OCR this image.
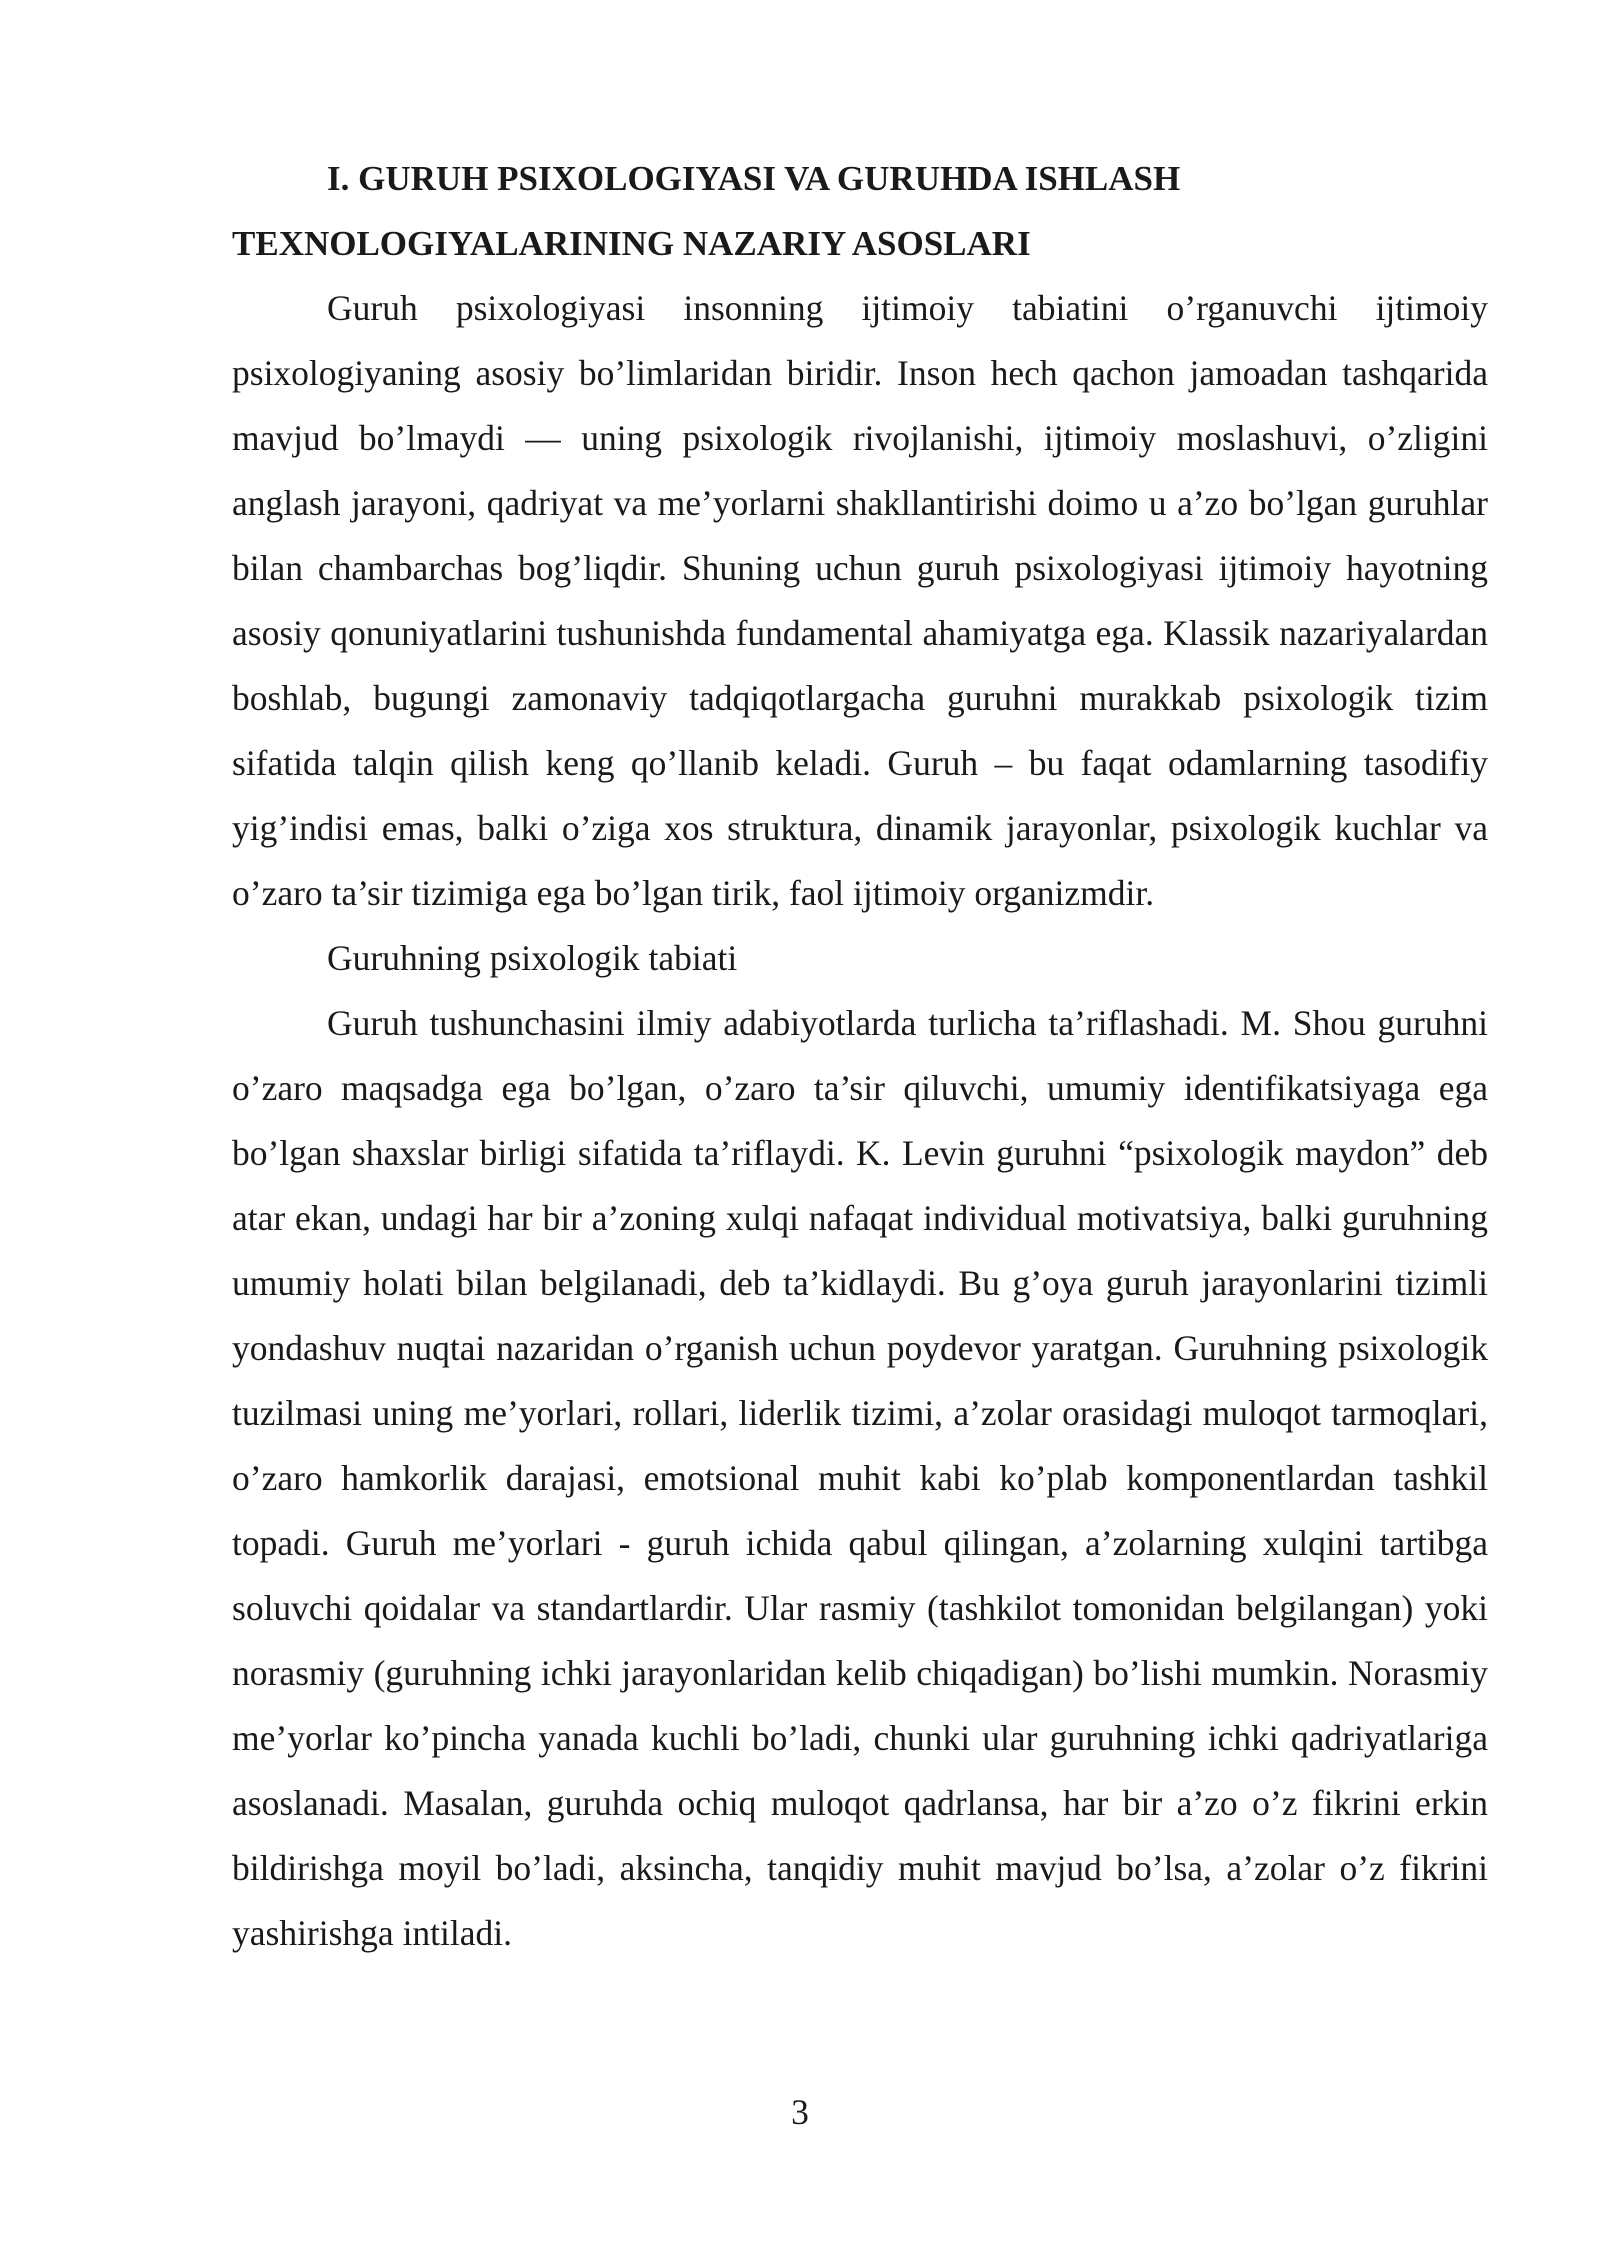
I. GURUH PSIXOLOGIYASI VA GURUHDA ISHLASH TEXNOLOGIYALARINING NAZARIY ASOSLARI

Guruh psixologiyasi insonning ijtimoiy tabiatini o’rganuvchi ijtimoiy psixologiyaning asosiy bo’limlaridan biridir. Inson hech qachon jamoadan tashqarida mavjud bo’lmaydi — uning psixologik rivojlanishi, ijtimoiy moslashuvi, o’zligini anglash jarayoni, qadriyat va me’yorlarni shakllantirishi doimo u a’zo bo’lgan guruhlar bilan chambarchas bog’liqdir. Shuning uchun guruh psixologiyasi ijtimoiy hayotning asosiy qonuniyatlarini tushunishda fundamental ahamiyatga ega. Klassik nazariyalardan boshlab, bugungi zamonaviy tadqiqotlargacha guruhni murakkab psixologik tizim sifatida talqin qilish keng qo’llanib keladi. Guruh – bu faqat odamlarning tasodifiy yig’indisi emas, balki o’ziga xos struktura, dinamik jarayonlar, psixologik kuchlar va o’zaro ta’sir tizimiga ega bo’lgan tirik, faol ijtimoiy organizmdir.

Guruhning psixologik tabiati

Guruh tushunchasini ilmiy adabiyotlarda turlicha ta’riflashadi. M. Shou guruhni o’zaro maqsadga ega bo’lgan, o’zaro ta’sir qiluvchi, umumiy identifikatsiyaga ega bo’lgan shaxslar birligi sifatida ta’riflaydi. K. Levin guruhni “psixologik maydon” deb atar ekan, undagi har bir a’zoning xulqi nafaqat individual motivatsiya, balki guruhning umumiy holati bilan belgilanadi, deb ta’kidlaydi. Bu g’oya guruh jarayonlarini tizimli yondashuv nuqtai nazaridan o’rganish uchun poydevor yaratgan. Guruhning psixologik tuzilmasi uning me’yorlari, rollari, liderlik tizimi, a’zolar orasidagi muloqot tarmoqlari, o’zaro hamkorlik darajasi, emotsional muhit kabi ko’plab komponentlardan tashkil topadi. Guruh me’yorlari - guruh ichida qabul qilingan, a’zolarning xulqini tartibga soluvchi qoidalar va standartlardir. Ular rasmiy (tashkilot tomonidan belgilangan) yoki norasmiy (guruhning ichki jarayonlaridan kelib chiqadigan) bo’lishi mumkin. Norasmiy me’yorlar ko’pincha yanada kuchli bo’ladi, chunki ular guruhning ichki qadriyatlariga asoslanadi. Masalan, guruhda ochiq muloqot qadrlansa, har bir a’zo o’z fikrini erkin bildirishga moyil bo’ladi, aksincha, tanqidiy muhit mavjud bo’lsa, a’zolar o’z fikrini yashirishga intiladi.

3
